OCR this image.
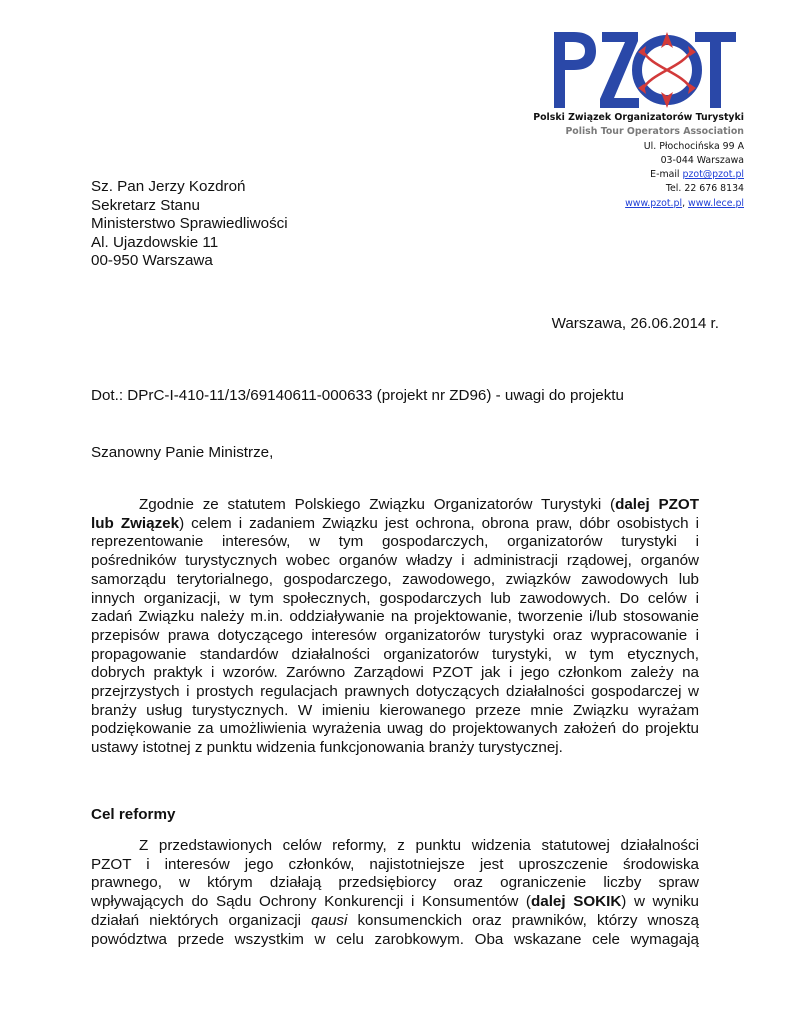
Polski Związek Organizatorów Turystyki
Polish Tour Operators Association
Ul. Płochocińska 99 A
03-044 Warszawa
E-mail pzot@pzot.pl
Tel. 22 676 8134
www.pzot.pl, www.lece.pl
Sz. Pan Jerzy Kozdroń
Sekretarz Stanu
Ministerstwo Sprawiedliwości
Al. Ujazdowskie 11
00-950 Warszawa
Warszawa, 26.06.2014 r.
Dot.: DPrC-I-410-11/13/69140611-000633 (projekt nr ZD96) - uwagi do projektu
Szanowny Panie Ministrze,
Zgodnie ze statutem Polskiego Związku Organizatorów Turystyki (dalej PZOT
lub Związek) celem i zadaniem Związku jest ochrona, obrona praw, dóbr osobistych i
reprezentowanie interesów, w tym gospodarczych, organizatorów turystyki i
pośredników turystycznych wobec organów władzy i administracji rządowej, organów
samorządu terytorialnego, gospodarczego, zawodowego, związków zawodowych lub
innych organizacji, w tym społecznych, gospodarczych lub zawodowych. Do celów i
zadań Związku należy m.in. oddziaływanie na projektowanie, tworzenie i/lub stosowanie
przepisów prawa dotyczącego interesów organizatorów turystyki oraz wypracowanie i
propagowanie standardów działalności organizatorów turystyki, w tym etycznych,
dobrych praktyk i wzorów. Zarówno Zarządowi PZOT jak i jego członkom zależy na
przejrzystych i prostych regulacjach prawnych dotyczących działalności gospodarczej w
branży usług turystycznych. W imieniu kierowanego przeze mnie Związku wyrażam
podziękowanie za umożliwienia wyrażenia uwag do projektowanych założeń do projektu
ustawy istotnej z punktu widzenia funkcjonowania branży turystycznej.
Cel reformy
Z przedstawionych celów reformy, z punktu widzenia statutowej działalności
PZOT i interesów jego członków, najistotniejsze jest uproszczenie środowiska
prawnego, w którym działają przedsiębiorcy oraz ograniczenie liczby spraw
wpływających do Sądu Ochrony Konkurencji i Konsumentów (dalej SOKIK) w wyniku
działań niektórych organizacji qausi konsumenckich oraz prawników, którzy wnoszą
powództwa przede wszystkim w celu zarobkowym. Oba wskazane cele wymagają
